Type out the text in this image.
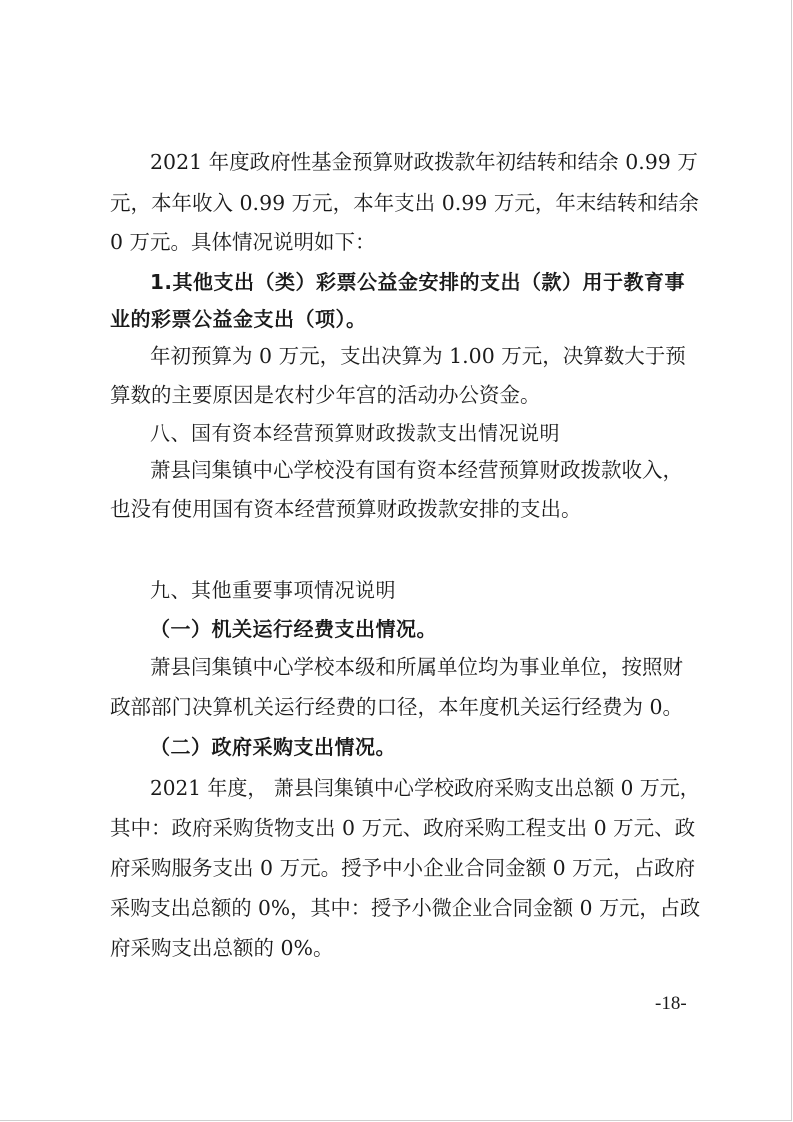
2021 年度政府性基金预算财政拨款年初结转和结余 0.99 万
元，本年收入 0.99 万元，本年支出 0.99 万元，年末结转和结余
0 万元。具体情况说明如下：
1.其他支出（类）彩票公益金安排的支出（款）用于教育事
业的彩票公益金支出（项）。
年初预算为 0 万元，支出决算为 1.00 万元，决算数大于预
算数的主要原因是农村少年宫的活动办公资金。
八、国有资本经营预算财政拨款支出情况说明
萧县闫集镇中心学校没有国有资本经营预算财政拨款收入，
也没有使用国有资本经营预算财政拨款安排的支出。
九、其他重要事项情况说明
（一）机关运行经费支出情况。
萧县闫集镇中心学校本级和所属单位均为事业单位，按照财
政部部门决算机关运行经费的口径，本年度机关运行经费为 0。
（二）政府采购支出情况。
2021 年度， 萧县闫集镇中心学校政府采购支出总额 0 万元，
其中：政府采购货物支出 0 万元、政府采购工程支出 0 万元、政
府采购服务支出 0 万元。授予中小企业合同金额 0 万元，占政府
采购支出总额的 0%，其中：授予小微企业合同金额 0 万元，占政
府采购支出总额的 0%。
-18-
